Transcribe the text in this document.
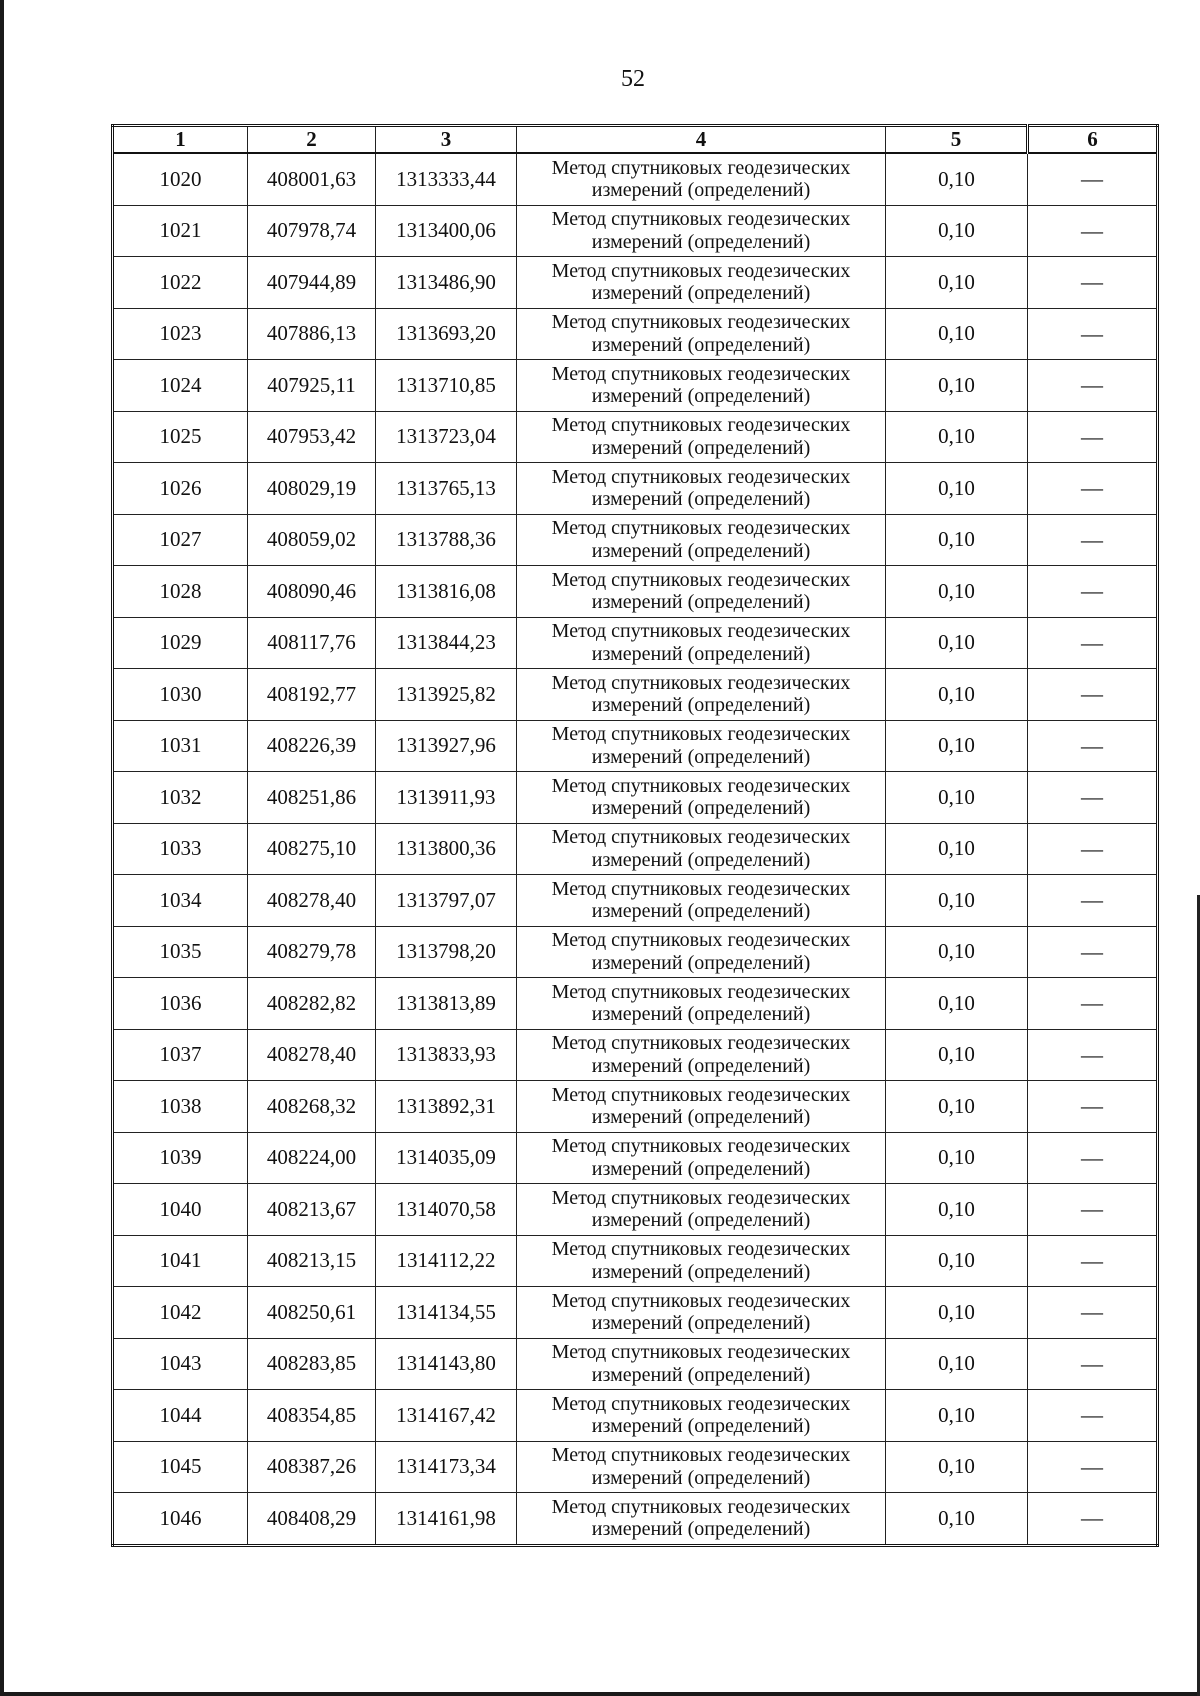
52
1	2	3	4	5	6
1020	408001,63	1313333,44	Метод спутниковых геодезических измерений (определений)	0,10	—
1021	407978,74	1313400,06	Метод спутниковых геодезических измерений (определений)	0,10	—
1022	407944,89	1313486,90	Метод спутниковых геодезических измерений (определений)	0,10	—
1023	407886,13	1313693,20	Метод спутниковых геодезических измерений (определений)	0,10	—
1024	407925,11	1313710,85	Метод спутниковых геодезических измерений (определений)	0,10	—
1025	407953,42	1313723,04	Метод спутниковых геодезических измерений (определений)	0,10	—
1026	408029,19	1313765,13	Метод спутниковых геодезических измерений (определений)	0,10	—
1027	408059,02	1313788,36	Метод спутниковых геодезических измерений (определений)	0,10	—
1028	408090,46	1313816,08	Метод спутниковых геодезических измерений (определений)	0,10	—
1029	408117,76	1313844,23	Метод спутниковых геодезических измерений (определений)	0,10	—
1030	408192,77	1313925,82	Метод спутниковых геодезических измерений (определений)	0,10	—
1031	408226,39	1313927,96	Метод спутниковых геодезических измерений (определений)	0,10	—
1032	408251,86	1313911,93	Метод спутниковых геодезических измерений (определений)	0,10	—
1033	408275,10	1313800,36	Метод спутниковых геодезических измерений (определений)	0,10	—
1034	408278,40	1313797,07	Метод спутниковых геодезических измерений (определений)	0,10	—
1035	408279,78	1313798,20	Метод спутниковых геодезических измерений (определений)	0,10	—
1036	408282,82	1313813,89	Метод спутниковых геодезических измерений (определений)	0,10	—
1037	408278,40	1313833,93	Метод спутниковых геодезических измерений (определений)	0,10	—
1038	408268,32	1313892,31	Метод спутниковых геодезических измерений (определений)	0,10	—
1039	408224,00	1314035,09	Метод спутниковых геодезических измерений (определений)	0,10	—
1040	408213,67	1314070,58	Метод спутниковых геодезических измерений (определений)	0,10	—
1041	408213,15	1314112,22	Метод спутниковых геодезических измерений (определений)	0,10	—
1042	408250,61	1314134,55	Метод спутниковых геодезических измерений (определений)	0,10	—
1043	408283,85	1314143,80	Метод спутниковых геодезических измерений (определений)	0,10	—
1044	408354,85	1314167,42	Метод спутниковых геодезических измерений (определений)	0,10	—
1045	408387,26	1314173,34	Метод спутниковых геодезических измерений (определений)	0,10	—
1046	408408,29	1314161,98	Метод спутниковых геодезических измерений (определений)	0,10	—
